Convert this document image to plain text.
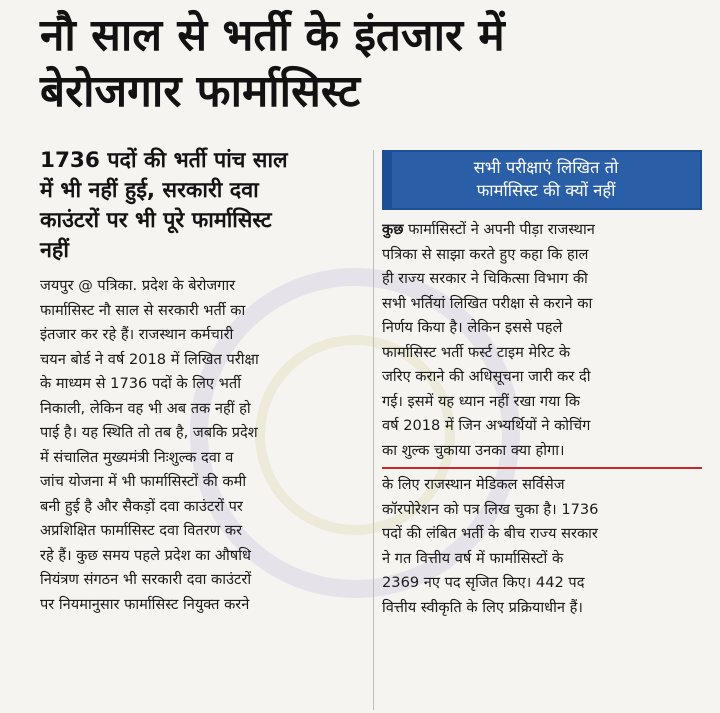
नौ साल से भर्ती के इंतजार में
बेरोजगार फार्मासिस्ट
1736 पदों की भर्ती पांच साल
में भी नहीं हुई, सरकारी दवा
काउंटरों पर भी पूरे फार्मासिस्ट
नहीं
जयपुर @ पत्रिका. प्रदेश के बेरोजगार
फार्मासिस्ट नौ साल से सरकारी भर्ती का
इंतजार कर रहे हैं। राजस्थान कर्मचारी
चयन बोर्ड ने वर्ष 2018 में लिखित परीक्षा
के माध्यम से 1736 पदों के लिए भर्ती
निकाली, लेकिन वह भी अब तक नहीं हो
पाई है। यह स्थिति तो तब है, जबकि प्रदेश
में संचालित मुख्यमंत्री निःशुल्क दवा व
जांच योजना में भी फार्मासिस्टों की कमी
बनी हुई है और सैकड़ों दवा काउंटरों पर
अप्रशिक्षित फार्मासिस्ट दवा वितरण कर
रहे हैं। कुछ समय पहले प्रदेश का औषधि
नियंत्रण संगठन भी सरकारी दवा काउंटरों
पर नियमानुसार फार्मासिस्ट नियुक्त करने
सभी परीक्षाएं लिखित तो
फार्मासिस्ट की क्यों नहीं
कुछ फार्मासिस्टों ने अपनी पीड़ा राजस्थान
पत्रिका से साझा करते हुए कहा कि हाल
ही राज्य सरकार ने चिकित्सा विभाग की
सभी भर्तियां लिखित परीक्षा से कराने का
निर्णय किया है। लेकिन इससे पहले
फार्मासिस्ट भर्ती फर्स्ट टाइम मेरिट के
जरिए कराने की अधिसूचना जारी कर दी
गई। इसमें यह ध्यान नहीं रखा गया कि
वर्ष 2018 में जिन अभ्यर्थियों ने कोचिंग
का शुल्क चुकाया उनका क्या होगा।
के लिए राजस्थान मेडिकल सर्विसेज
कॉरपोरेशन को पत्र लिख चुका है। 1736
पदों की लंबित भर्ती के बीच राज्य सरकार
ने गत वित्तीय वर्ष में फार्मासिस्टों के
2369 नए पद सृजित किए। 442 पद
वित्तीय स्वीकृति के लिए प्रक्रियाधीन हैं।
